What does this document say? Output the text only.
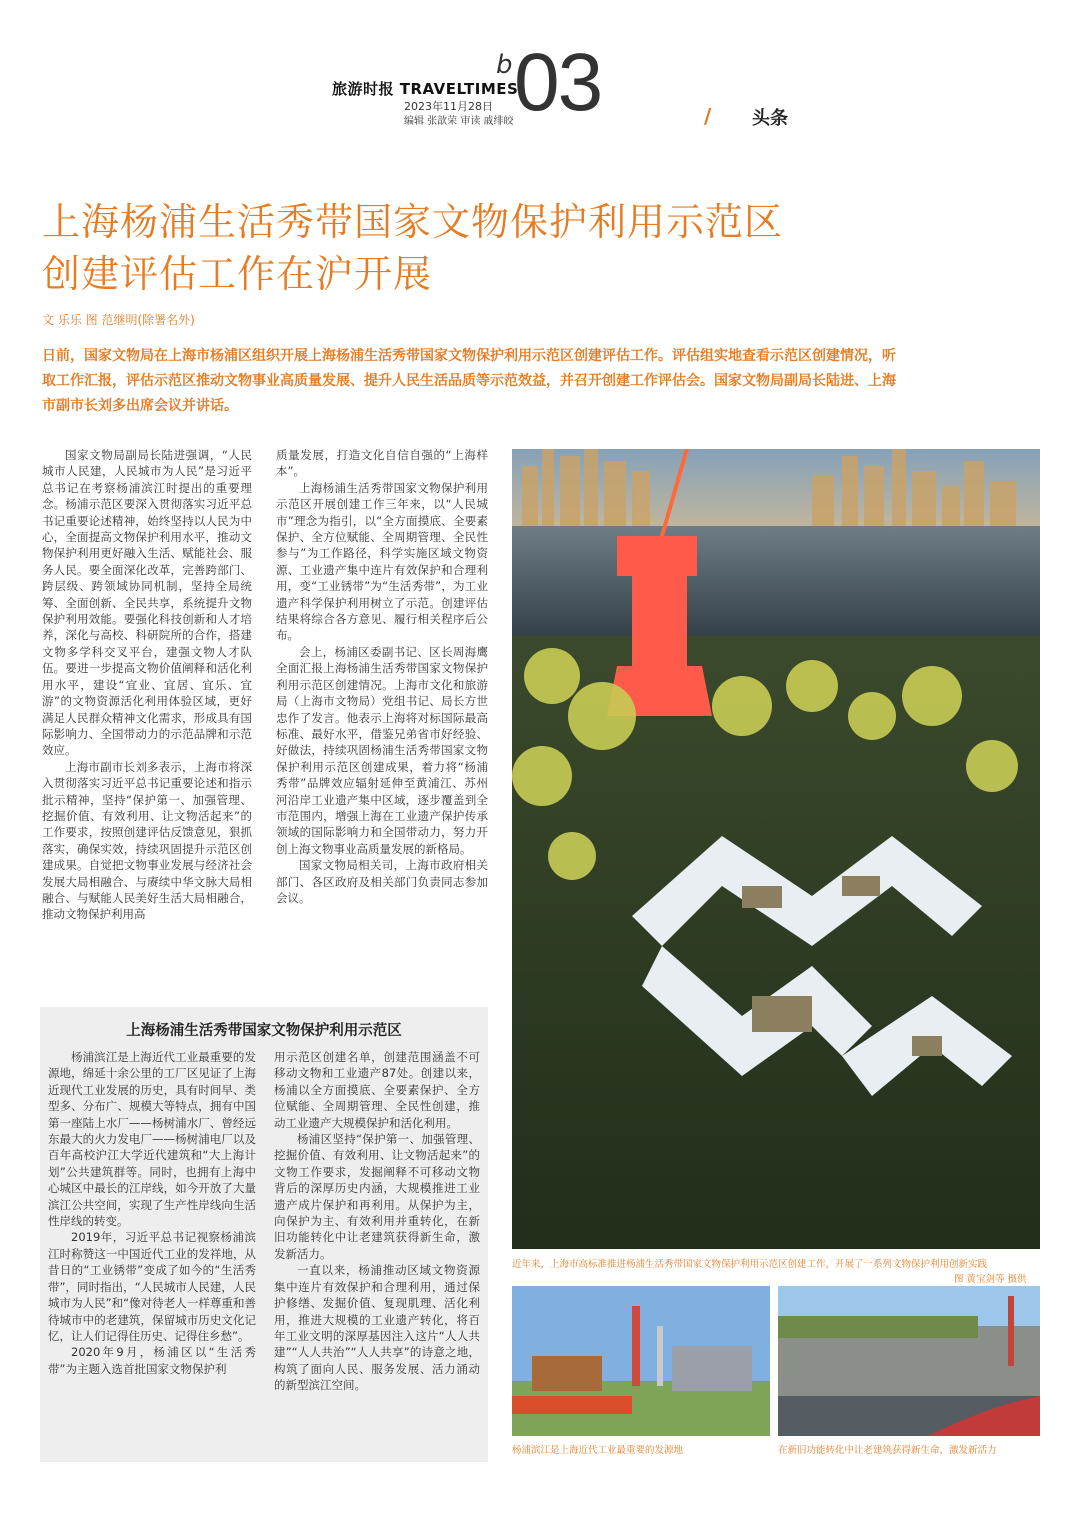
旅游时报 TRAVELTIMES
2023年11月28日
编辑 张歆荣 审读 戚绯皎
b 03	/ 头条
上海杨浦生活秀带国家文物保护利用示范区
创建评估工作在沪开展
文 乐乐 图 范继明(除署名外)
日前，国家文物局在上海市杨浦区组织开展上海杨浦生活秀带国家文物保护利用示范区创建评估工作。评估组实地查看示范区创建情况，听取工作汇报，评估示范区推动文物事业高质量发展、提升人民生活品质等示范效益，并召开创建工作评估会。国家文物局副局长陆进、上海市副市长刘多出席会议并讲话。

国家文物局副局长陆进强调，“人民城市人民建，人民城市为人民”是习近平总书记在考察杨浦滨江时提出的重要理念。杨浦示范区要深入贯彻落实习近平总书记重要论述精神，始终坚持以人民为中心，全面提高文物保护利用水平，推动文物保护利用更好融入生活、赋能社会、服务人民。要全面深化改革，完善跨部门、跨层级、跨领域协同机制，坚持全局统筹、全面创新、全民共享，系统提升文物保护利用效能。要强化科技创新和人才培养，深化与高校、科研院所的合作，搭建文物多学科交叉平台，建强文物人才队伍。要进一步提高文物价值阐释和活化利用水平，建设“宜业、宜居、宜乐、宜游”的文物资源活化利用体验区域，更好满足人民群众精神文化需求，形成具有国际影响力、全国带动力的示范品牌和示范效应。

上海市副市长刘多表示，上海市将深入贯彻落实习近平总书记重要论述和指示批示精神，坚持“保护第一、加强管理、挖掘价值、有效利用、让文物活起来”的工作要求，按照创建评估反馈意见，狠抓落实，确保实效，持续巩固提升示范区创建成果。自觉把文物事业发展与经济社会发展大局相融合、与赓续中华文脉大局相融合、与赋能人民美好生活大局相融合，推动文物保护利用高

质量发展，打造文化自信自强的“上海样本”。

上海杨浦生活秀带国家文物保护利用示范区开展创建工作三年来，以“人民城市”理念为指引，以“全方面摸底、全要素保护、全方位赋能、全周期管理、全民性参与”为工作路径，科学实施区域文物资源、工业遗产集中连片有效保护和合理利用，变“工业锈带”为“生活秀带”，为工业遗产科学保护利用树立了示范。创建评估结果将综合各方意见、履行相关程序后公布。

会上，杨浦区委副书记、区长周海鹰全面汇报上海杨浦生活秀带国家文物保护利用示范区创建情况。上海市文化和旅游局（上海市文物局）党组书记、局长方世忠作了发言。他表示上海将对标国际最高标准、最好水平，借鉴兄弟省市好经验、好做法，持续巩固杨浦生活秀带国家文物保护利用示范区创建成果，着力将“杨浦秀带”品牌效应辐射延伸至黄浦江、苏州河沿岸工业遗产集中区域，逐步覆盖到全市范围内，增强上海在工业遗产保护传承领域的国际影响力和全国带动力，努力开创上海文物事业高质量发展的新格局。

国家文物局相关司，上海市政府相关部门、各区政府及相关部门负责同志参加会议。

上海杨浦生活秀带国家文物保护利用示范区

杨浦滨江是上海近代工业最重要的发源地，绵延十余公里的工厂区见证了上海近现代工业发展的历史，具有时间早、类型多、分布广、规模大等特点，拥有中国第一座陆上水厂——杨树浦水厂、曾经远东最大的火力发电厂——杨树浦电厂以及百年高校沪江大学近代建筑和“大上海计划”公共建筑群等。同时，也拥有上海中心城区中最长的江岸线，如今开放了大量滨江公共空间，实现了生产性岸线向生活性岸线的转变。

2019年，习近平总书记视察杨浦滨江时称赞这一中国近代工业的发祥地，从昔日的“工业锈带”变成了如今的“生活秀带”，同时指出，“人民城市人民建，人民城市为人民”和“像对待老人一样尊重和善待城市中的老建筑，保留城市历史文化记忆，让人们记得住历史、记得住乡愁”。

2020年9月，杨浦区以“生活秀带”为主题入选首批国家文物保护利

用示范区创建名单，创建范围涵盖不可移动文物和工业遗产87处。创建以来，杨浦以全方面摸底、全要素保护、全方位赋能、全周期管理、全民性创建，推动工业遗产大规模保护和活化利用。

杨浦区坚持“保护第一、加强管理、挖掘价值、有效利用、让文物活起来”的文物工作要求，发掘阐释不可移动文物背后的深厚历史内涵，大规模推进工业遗产成片保护和再利用。从保护为主，向保护为主、有效利用并重转化，在新旧功能转化中让老建筑获得新生命，激发新活力。

一直以来，杨浦推动区域文物资源集中连片有效保护和合理利用，通过保护修缮、发掘价值、复现肌理、活化利用，推进大规模的工业遗产转化，将百年工业文明的深厚基因注入这片“人人共建”“人人共治”“人人共享”的诗意之地，构筑了面向人民、服务发展、活力涌动的新型滨江空间。

近年来，上海市高标准推进杨浦生活秀带国家文物保护利用示范区创建工作，开展了一系列文物保护利用创新实践
图 黄宝剑等 摄供
杨浦滨江是上海近代工业最重要的发源地	在新旧功能转化中让老建筑获得新生命，激发新活力
